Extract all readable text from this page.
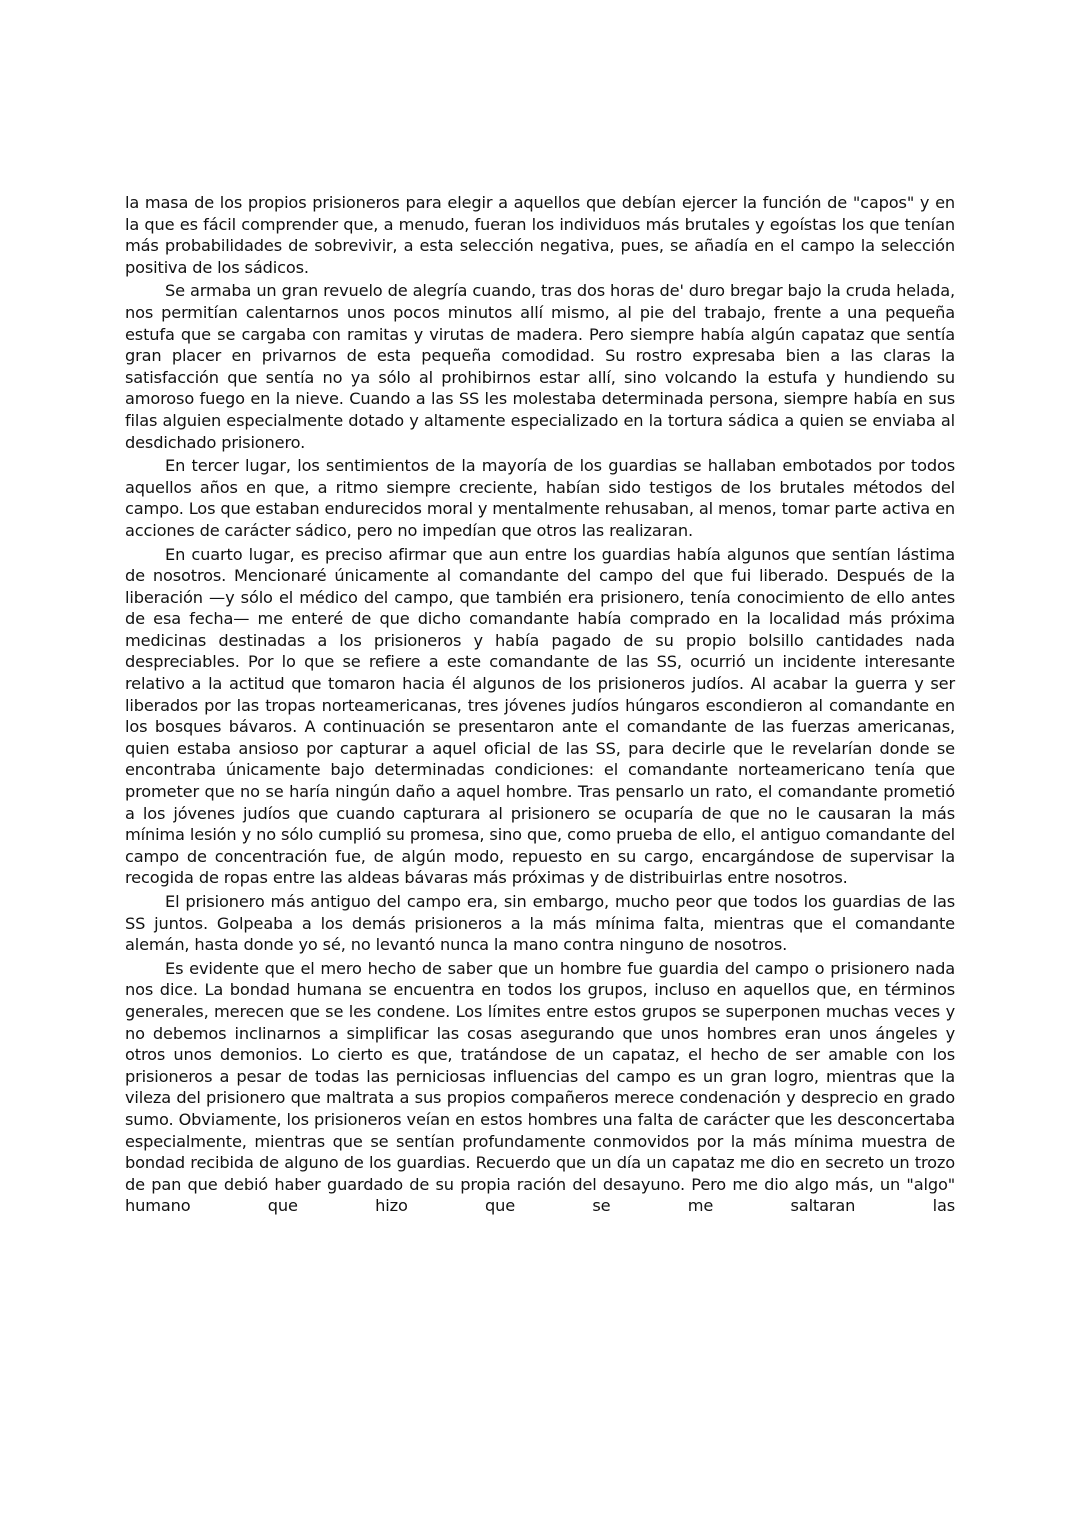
la masa de los propios prisioneros para elegir a aquellos que debían ejercer la función de "capos" y en la que es fácil comprender que, a menudo, fueran los individuos más brutales y egoístas los que tenían más probabilidades de sobrevivir, a esta selección negativa, pues, se añadía en el campo la selección positiva de los sádicos.

Se armaba un gran revuelo de alegría cuando, tras dos horas de' duro bregar bajo la cruda helada, nos permitían calentarnos unos pocos minutos allí mismo, al pie del trabajo, frente a una pequeña estufa que se cargaba con ramitas y virutas de madera. Pero siempre había algún capataz que sentía gran placer en privarnos de esta pequeña comodidad. Su rostro expresaba bien a las claras la satisfacción que sentía no ya sólo al prohibirnos estar allí, sino volcando la estufa y hundiendo su amoroso fuego en la nieve. Cuando a las SS les molestaba determinada persona, siempre había en sus filas alguien especialmente dotado y altamente especializado en la tortura sádica a quien se enviaba al desdichado prisionero.

En tercer lugar, los sentimientos de la mayoría de los guardias se hallaban embotados por todos aquellos años en que, a ritmo siempre creciente, habían sido testigos de los brutales métodos del campo. Los que estaban endurecidos moral y mentalmente rehusaban, al menos, tomar parte activa en acciones de carácter sádico, pero no impedían que otros las realizaran.

En cuarto lugar, es preciso afirmar que aun entre los guardias había algunos que sentían lástima de nosotros. Mencionaré únicamente al comandante del campo del que fui liberado. Después de la liberación —y sólo el médico del campo, que también era prisionero, tenía conocimiento de ello antes de esa fecha— me enteré de que dicho comandante había comprado en la localidad más próxima medicinas destinadas a los prisioneros y había pagado de su propio bolsillo cantidades nada despreciables. Por lo que se refiere a este comandante de las SS, ocurrió un incidente interesante relativo a la actitud que tomaron hacia él algunos de los prisioneros judíos. Al acabar la guerra y ser liberados por las tropas norteamericanas, tres jóvenes judíos húngaros escondieron al comandante en los bosques bávaros. A continuación se presentaron ante el comandante de las fuerzas americanas, quien estaba ansioso por capturar a aquel oficial de las SS, para decirle que le revelarían donde se encontraba únicamente bajo determinadas condiciones: el comandante norteamericano tenía que prometer que no se haría ningún daño a aquel hombre. Tras pensarlo un rato, el comandante prometió a los jóvenes judíos que cuando capturara al prisionero se ocuparía de que no le causaran la más mínima lesión y no sólo cumplió su promesa, sino que, como prueba de ello, el antiguo comandante del campo de concentración fue, de algún modo, repuesto en su cargo, encargándose de supervisar la recogida de ropas entre las aldeas bávaras más próximas y de distribuirlas entre nosotros.

El prisionero más antiguo del campo era, sin embargo, mucho peor que todos los guardias de las SS juntos. Golpeaba a los demás prisioneros a la más mínima falta, mientras que el comandante alemán, hasta donde yo sé, no levantó nunca la mano contra ninguno de nosotros.

Es evidente que el mero hecho de saber que un hombre fue guardia del campo o prisionero nada nos dice. La bondad humana se encuentra en todos los grupos, incluso en aquellos que, en términos generales, merecen que se les condene. Los límites entre estos grupos se superponen muchas veces y no debemos inclinarnos a simplificar las cosas asegurando que unos hombres eran unos ángeles y otros unos demonios. Lo cierto es que, tratándose de un capataz, el hecho de ser amable con los prisioneros a pesar de todas las perniciosas influencias del campo es un gran logro, mientras que la vileza del prisionero que maltrata a sus propios compañeros merece condenación y desprecio en grado sumo. Obviamente, los prisioneros veían en estos hombres una falta de carácter que les desconcertaba especialmente, mientras que se sentían profundamente conmovidos por la más mínima muestra de bondad recibida de alguno de los guardias. Recuerdo que un día un capataz me dio en secreto un trozo de pan que debió haber guardado de su propia ración del desayuno. Pero me dio algo más, un "algo" humano que hizo que se me saltaran las
